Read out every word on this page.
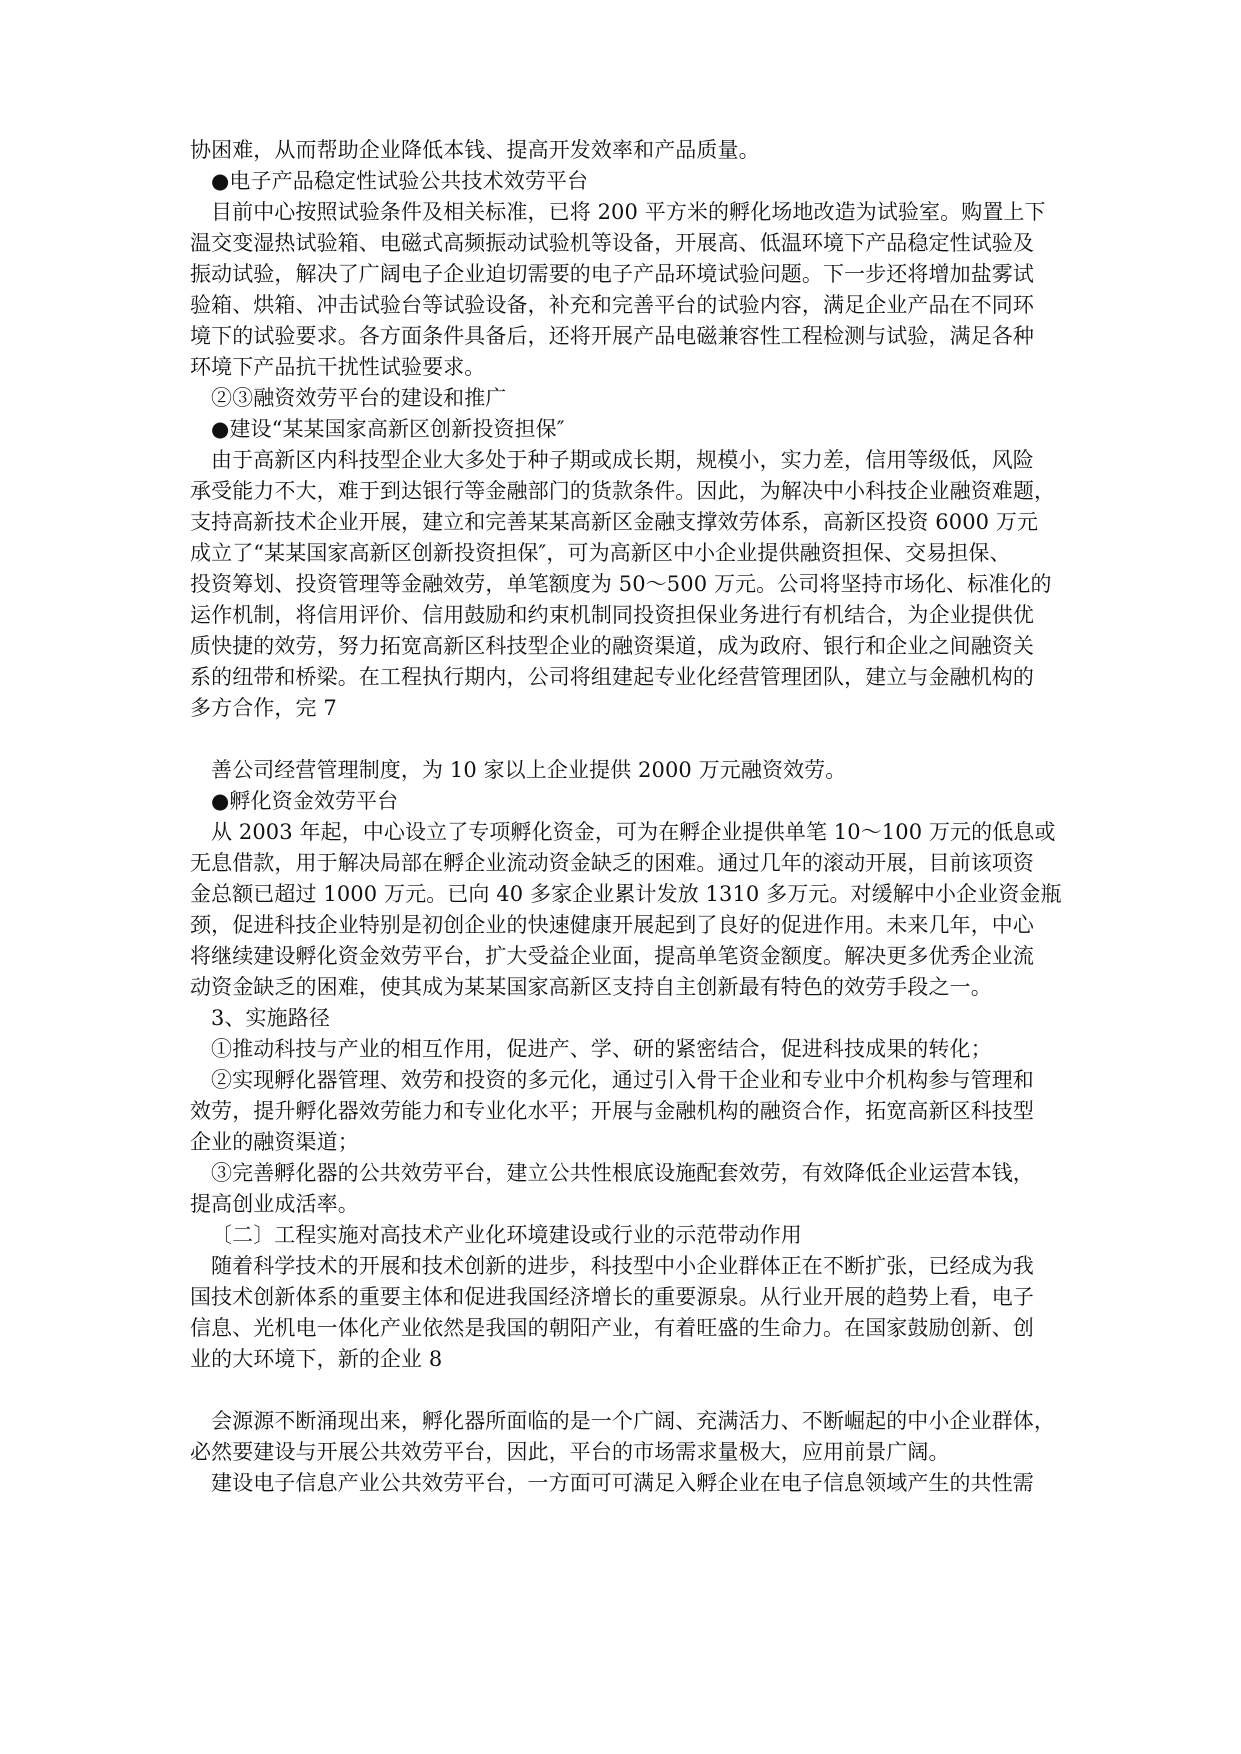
协困难，从而帮助企业降低本钱、提高开发效率和产品质量。
●电子产品稳定性试验公共技术效劳平台
目前中心按照试验条件及相关标准，已将 200 平方米的孵化场地改造为试验室。购置上下
温交变湿热试验箱、电磁式高频振动试验机等设备，开展高、低温环境下产品稳定性试验及
振动试验，解决了广阔电子企业迫切需要的电子产品环境试验问题。下一步还将增加盐雾试
验箱、烘箱、冲击试验台等试验设备，补充和完善平台的试验内容，满足企业产品在不同环
境下的试验要求。各方面条件具备后，还将开展产品电磁兼容性工程检测与试验，满足各种
环境下产品抗干扰性试验要求。
②③融资效劳平台的建设和推广
●建设“某某国家高新区创新投资担保″
由于高新区内科技型企业大多处于种子期或成长期，规模小，实力差，信用等级低，风险
承受能力不大，难于到达银行等金融部门的货款条件。因此，为解决中小科技企业融资难题，
支持高新技术企业开展，建立和完善某某高新区金融支撑效劳体系，高新区投资 6000 万元
成立了“某某国家高新区创新投资担保″，可为高新区中小企业提供融资担保、交易担保、
投资筹划、投资管理等金融效劳，单笔额度为 50～500 万元。公司将坚持市场化、标准化的
运作机制，将信用评价、信用鼓励和约束机制同投资担保业务进行有机结合，为企业提供优
质快捷的效劳，努力拓宽高新区科技型企业的融资渠道，成为政府、银行和企业之间融资关
系的纽带和桥梁。在工程执行期内，公司将组建起专业化经营管理团队，建立与金融机构的
多方合作，完 7
善公司经营管理制度，为 10 家以上企业提供 2000 万元融资效劳。
●孵化资金效劳平台
从 2003 年起，中心设立了专项孵化资金，可为在孵企业提供单笔 10～100 万元的低息或
无息借款，用于解决局部在孵企业流动资金缺乏的困难。通过几年的滚动开展，目前该项资
金总额已超过 1000 万元。已向 40 多家企业累计发放 1310 多万元。对缓解中小企业资金瓶
颈，促进科技企业特别是初创企业的快速健康开展起到了良好的促进作用。未来几年，中心
将继续建设孵化资金效劳平台，扩大受益企业面，提高单笔资金额度。解决更多优秀企业流
动资金缺乏的困难，使其成为某某国家高新区支持自主创新最有特色的效劳手段之一。
3、实施路径
①推动科技与产业的相互作用，促进产、学、研的紧密结合，促进科技成果的转化；
②实现孵化器管理、效劳和投资的多元化，通过引入骨干企业和专业中介机构参与管理和
效劳，提升孵化器效劳能力和专业化水平；开展与金融机构的融资合作，拓宽高新区科技型
企业的融资渠道；
③完善孵化器的公共效劳平台，建立公共性根底设施配套效劳，有效降低企业运营本钱，
提高创业成活率。
〔二〕工程实施对高技术产业化环境建设或行业的示范带动作用
随着科学技术的开展和技术创新的进步，科技型中小企业群体正在不断扩张，已经成为我
国技术创新体系的重要主体和促进我国经济增长的重要源泉。从行业开展的趋势上看，电子
信息、光机电一体化产业依然是我国的朝阳产业，有着旺盛的生命力。在国家鼓励创新、创
业的大环境下，新的企业 8
会源源不断涌现出来，孵化器所面临的是一个广阔、充满活力、不断崛起的中小企业群体，
必然要建设与开展公共效劳平台，因此，平台的市场需求量极大，应用前景广阔。
建设电子信息产业公共效劳平台，一方面可可满足入孵企业在电子信息领域产生的共性需
